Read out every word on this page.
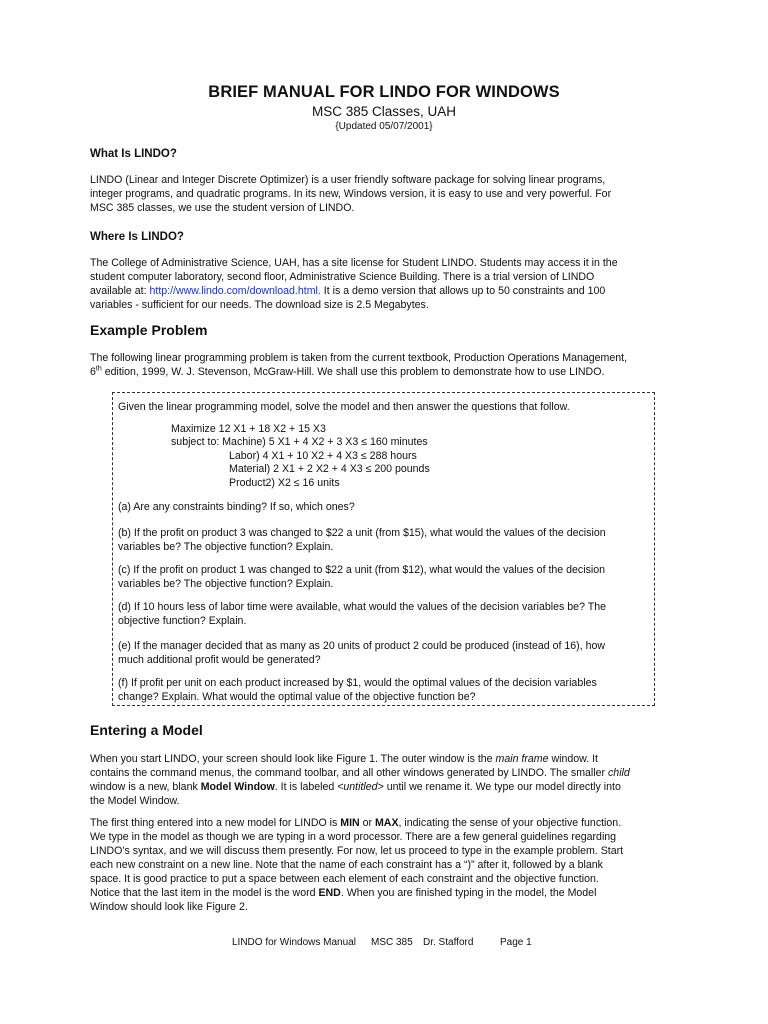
BRIEF MANUAL FOR LINDO FOR WINDOWS
MSC 385 Classes, UAH
{Updated 05/07/2001}
What Is LINDO?
LINDO (Linear and Integer Discrete Optimizer) is a user friendly software package for solving linear programs,
integer programs, and quadratic programs. In its new, Windows version, it is easy to use and very powerful. For
MSC 385 classes, we use the student version of LINDO.
Where Is LINDO?
The College of Administrative Science, UAH, has a site license for Student LINDO. Students may access it in the
student computer laboratory, second floor, Administrative Science Building. There is a trial version of LINDO
available at: http://www.lindo.com/download.html. It is a demo version that allows up to 50 constraints and 100
variables - sufficient for our needs. The download size is 2.5 Megabytes.
Example Problem
The following linear programming problem is taken from the current textbook, Production Operations Management,
6th edition, 1999, W. J. Stevenson, McGraw-Hill. We shall use this problem to demonstrate how to use LINDO.
Given the linear programming model, solve the model and then answer the questions that follow.
Maximize 12 X1 + 18 X2 + 15 X3
subject to: Machine) 5 X1 + 4 X2 + 3 X3 ≤ 160 minutes
Labor) 4 X1 + 10 X2 + 4 X3 ≤ 288 hours
Material) 2 X1 + 2 X2 + 4 X3 ≤ 200 pounds
Product2) X2 ≤ 16 units
(a) Are any constraints binding? If so, which ones?
(b) If the profit on product 3 was changed to $22 a unit (from $15), what would the values of the decision
variables be? The objective function? Explain.
(c) If the profit on product 1 was changed to $22 a unit (from $12), what would the values of the decision
variables be? The objective function? Explain.
(d) If 10 hours less of labor time were available, what would the values of the decision variables be? The
objective function? Explain.
(e) If the manager decided that as many as 20 units of product 2 could be produced (instead of 16), how
much additional profit would be generated?
(f) If profit per unit on each product increased by $1, would the optimal values of the decision variables
change? Explain. What would the optimal value of the objective function be?
Entering a Model
When you start LINDO, your screen should look like Figure 1. The outer window is the main frame window. It
contains the command menus, the command toolbar, and all other windows generated by LINDO. The smaller child
window is a new, blank Model Window. It is labeled <untitled> until we rename it. We type our model directly into
the Model Window.
The first thing entered into a new model for LINDO is MIN or MAX, indicating the sense of your objective function.
We type in the model as though we are typing in a word processor. There are a few general guidelines regarding
LINDO’s syntax, and we will discuss them presently. For now, let us proceed to type in the example problem. Start
each new constraint on a new line. Note that the name of each constraint has a “)” after it, followed by a blank
space. It is good practice to put a space between each element of each constraint and the objective function.
Notice that the last item in the model is the word END. When you are finished typing in the model, the Model
Window should look like Figure 2.
LINDO for Windows Manual MSC 385 Dr. Stafford	Page 1
